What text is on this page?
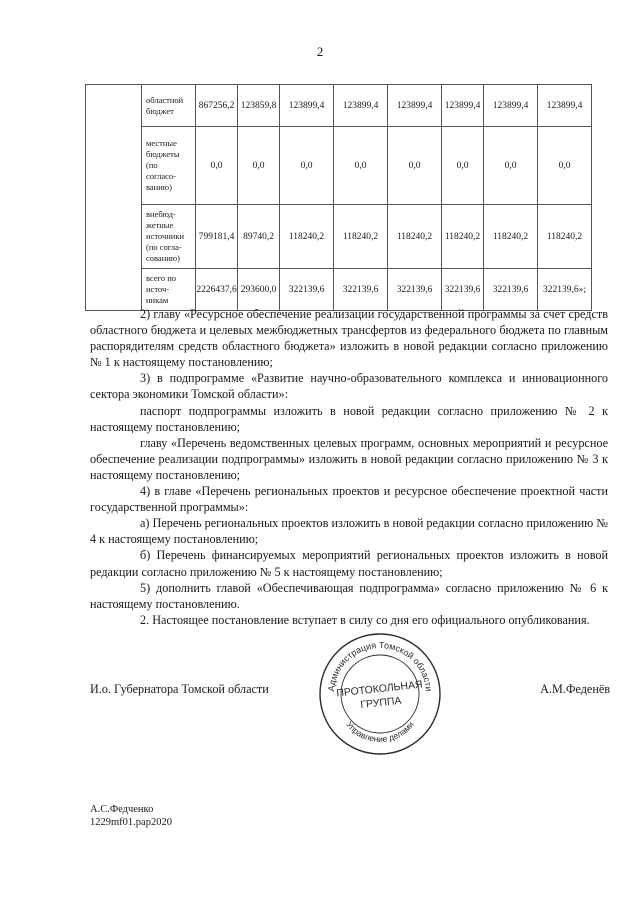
2

	областной
бюджет	867256,2	123859,8	123899,4	123899,4	123899,4	123899,4	123899,4	123899,4

	местные
бюджеты
(по
согласо-
ванию)	0,0	0,0	0,0	0,0	0,0	0,0	0,0	0,0

	внебюд-
жетные
источники
(по согла-
сованию)	799181,4	89740,2	118240,2	118240,2	118240,2	118240,2	118240,2	118240,2

	всего по
источ-
никам	2226437,6	293600,0	322139,6	322139,6	322139,6	322139,6	322139,6	322139,6»;

2) главу «Ресурсное обеспечение реализации государственной программы за счет средств областного бюджета и целевых межбюджетных трансфертов из федерального бюджета по главным распорядителям средств областного бюджета» изложить в новой редакции согласно приложению № 1 к настоящему постановлению;

3) в подпрограмме «Развитие научно-образовательного комплекса и инновационного сектора экономики Томской области»:

паспорт подпрограммы изложить в новой редакции согласно приложению № 2 к настоящему постановлению;

главу «Перечень ведомственных целевых программ, основных мероприятий и ресурсное обеспечение реализации подпрограммы» изложить в новой редакции согласно приложению № 3 к настоящему постановлению;

4) в главе «Перечень региональных проектов и ресурсное обеспечение проектной части государственной программы»:

а) Перечень региональных проектов изложить в новой редакции согласно приложению № 4 к настоящему постановлению;

б) Перечень финансируемых мероприятий региональных проектов изложить в новой редакции согласно приложению № 5 к настоящему постановлению;

5) дополнить главой «Обеспечивающая подпрограмма» согласно приложению № 6 к настоящему постановлению.

2. Настоящее постановление вступает в силу со дня его официального опубликования.

И.о. Губернатора Томской области	А.М.Феденёв
Администрация Томской области
Управление делами
ПРОТОКОЛЬНАЯ
ГРУППА
А.С.Федченко
1229mf01.pap2020
